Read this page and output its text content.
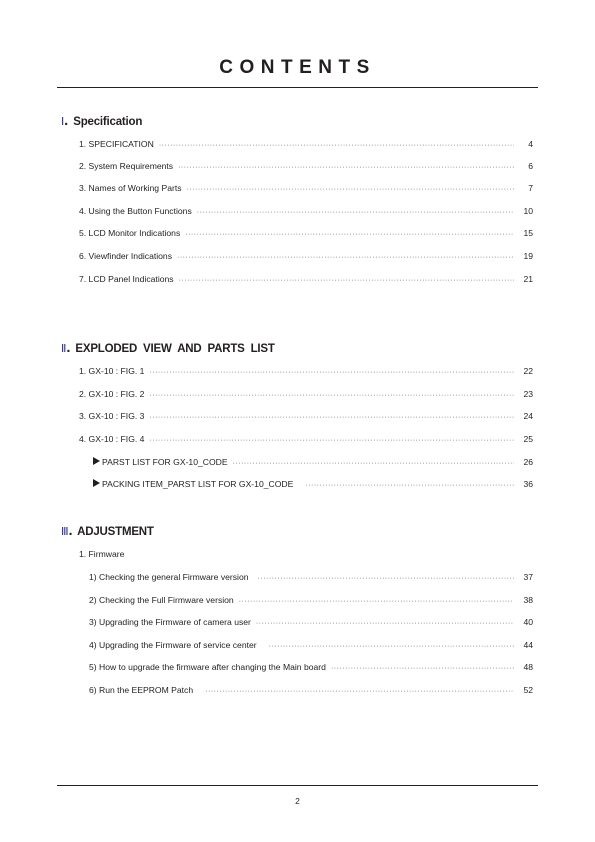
CONTENTS
Ⅰ. Specification
1. SPECIFICATION ·····	4
2. System Requirements ·····	6
3. Names of Working Parts ·····	7
4. Using the Button Functions ·····	10
5. LCD Monitor Indications ·····	15
6. Viewfinder Indications ·····	19
7. LCD Panel Indications ·····	21
Ⅱ. EXPLODED  VIEW  AND  PARTS  LIST
1. GX-10 : FIG. 1 ·····	22
2. GX-10 : FIG. 2 ·····	23
3. GX-10 : FIG. 3 ·····	24
4. GX-10 : FIG. 4 ·····	25
PARST LIST FOR GX-10_CODE ·····	26
PACKING ITEM_PARST LIST FOR GX-10_CODE ·····	36
Ⅲ. ADJUSTMENT
1. Firmware
1) Checking the general Firmware version ·····	37
2) Checking the Full Firmware version ·····	38
3) Upgrading the Firmware of camera user ·····	40
4) Upgrading the Firmware of service center ·····	44
5) How to upgrade the firmware after changing the Main board ·····	48
6) Run the EEPROM Patch ·····	52
2
